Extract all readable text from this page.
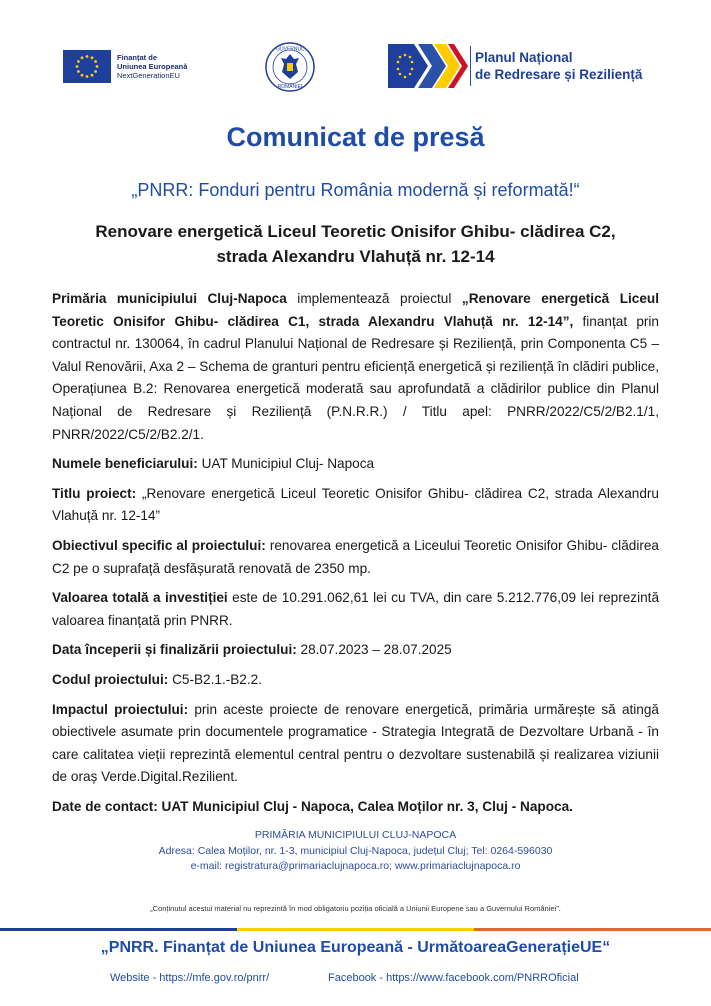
Finanțat de
Uniunea Europeană
NextGenerationEU
GUVERNUL
ROMÂNIEI
Planul Național
de Redresare și Reziliență
Comunicat de presă
„PNRR: Fonduri pentru România modernă și reformată!“
Renovare energetică Liceul Teoretic Onisifor Ghibu- clădirea C2,
strada Alexandru Vlahuță nr. 12-14

Primăria municipiului Cluj-Napoca implementează proiectul „Renovare energetică Liceul Teoretic Onisifor Ghibu- clădirea C1, strada Alexandru Vlahuță nr. 12-14”, finanțat prin contractul nr. 130064, în cadrul Planului Național de Redresare și Reziliență, prin Componenta C5 – Valul Renovării, Axa 2 – Schema de granturi pentru eficiență energetică și reziliență în clădiri publice, Operațiunea B.2: Renovarea energetică moderată sau aprofundată a clădirilor publice din Planul Național de Redresare și Reziliență (P.N.R.R.) / Titlu apel: PNRR/2022/C5/2/B2.1/1, PNRR/2022/C5/2/B2.2/1.

Numele beneficiarului: UAT Municipiul Cluj- Napoca

Titlu proiect: „Renovare energetică Liceul Teoretic Onisifor Ghibu- clădirea C2, strada Alexandru Vlahuță nr. 12-14”

Obiectivul specific al proiectului: renovarea energetică a Liceului Teoretic Onisifor Ghibu- clădirea C2 pe o suprafață desfășurată renovată de 2350 mp.

Valoarea totală a investiției este de 10.291.062,61 lei cu TVA, din care 5.212.776,09 lei reprezintă valoarea finanțată prin PNRR.

Data începerii și finalizării proiectului: 28.07.2023 – 28.07.2025

Codul proiectului: C5-B2.1.-B2.2.

Impactul proiectului: prin aceste proiecte de renovare energetică, primăria urmărește să atingă obiectivele asumate prin documentele programatice - Strategia Integrată de Dezvoltare Urbană - în care calitatea vieții reprezintă elementul central pentru o dezvoltare sustenabilă și realizarea viziunii de oraș Verde.Digital.Rezilient.

Date de contact: UAT Municipiul Cluj - Napoca, Calea Moților nr. 3, Cluj - Napoca.

PRIMĂRIA MUNICIPIULUI CLUJ-NAPOCA
Adresa: Calea Moților, nr. 1-3, municipiul Cluj-Napoca, județul Cluj; Tel: 0264-596030
e-mail: registratura@primariaclujnapoca.ro; www.primariaclujnapoca.ro
„Conținutul acestui material nu reprezintă în mod obligatoriu poziția oficială a Uniunii Europene sau a Guvernului României”.
„PNRR. Finanțat de Uniunea Europeană - UrmătoareaGenerațieUE“
Website - https://mfe.gov.ro/pnrr/	Facebook - https://www.facebook.com/PNRROficial
